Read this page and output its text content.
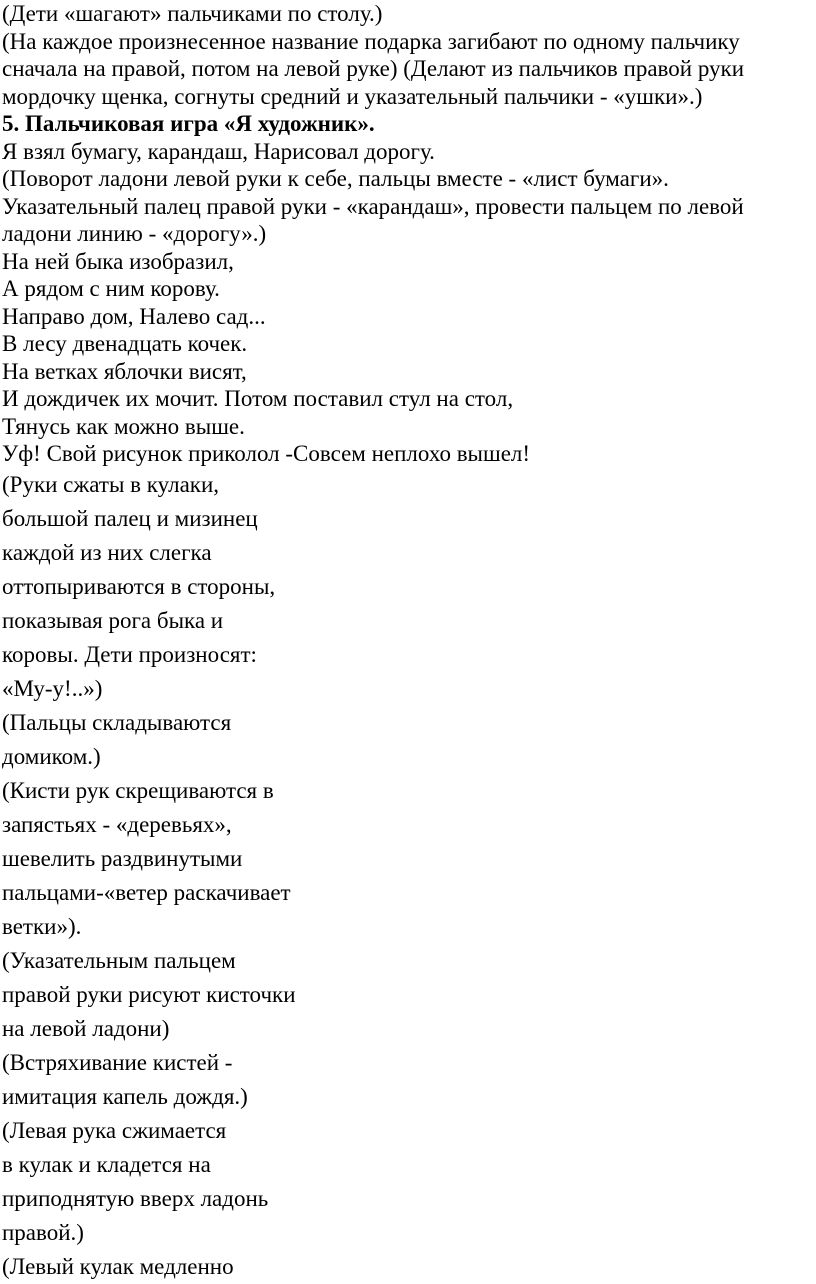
(Дети «шагают» пальчиками по столу.)
(На каждое произнесенное название подарка загибают по одному пальчику
сначала на правой, потом на левой руке) (Делают из пальчиков правой руки
мордочку щенка, согнуты средний и указательный пальчики - «ушки».)
5. Пальчиковая игра «Я художник».
Я взял бумагу, карандаш, Нарисовал дорогу.
(Поворот ладони левой руки к себе, пальцы вместе - «лист бумаги».
Указательный палец правой руки - «карандаш», провести пальцем по левой
ладони линию - «дорогу».)
На ней быка изобразил,
А рядом с ним корову.
Направо дом, Налево сад...
В лесу двенадцать кочек.
На ветках яблочки висят,
И дождичек их мочит. Потом поставил стул на стол,
Тянусь как можно выше.
Уф! Свой рисунок приколол -Совсем неплохо вышел!
(Руки сжаты в кулаки,
большой палец и мизинец
каждой из них слегка
оттопыриваются в стороны,
показывая рога быка и
коровы. Дети произносят:
«Му-у!..»)
(Пальцы складываются
домиком.)
(Кисти рук скрещиваются в
запястьях - «деревьях»,
шевелить раздвинутыми
пальцами-«ветер раскачивает
ветки»).
(Указательным пальцем
правой руки рисуют кисточки
на левой ладони)
(Встряхивание кистей -
имитация капель дождя.)
(Левая рука сжимается
в кулак и кладется на
приподнятую вверх ладонь
правой.)
(Левый кулак медленно
